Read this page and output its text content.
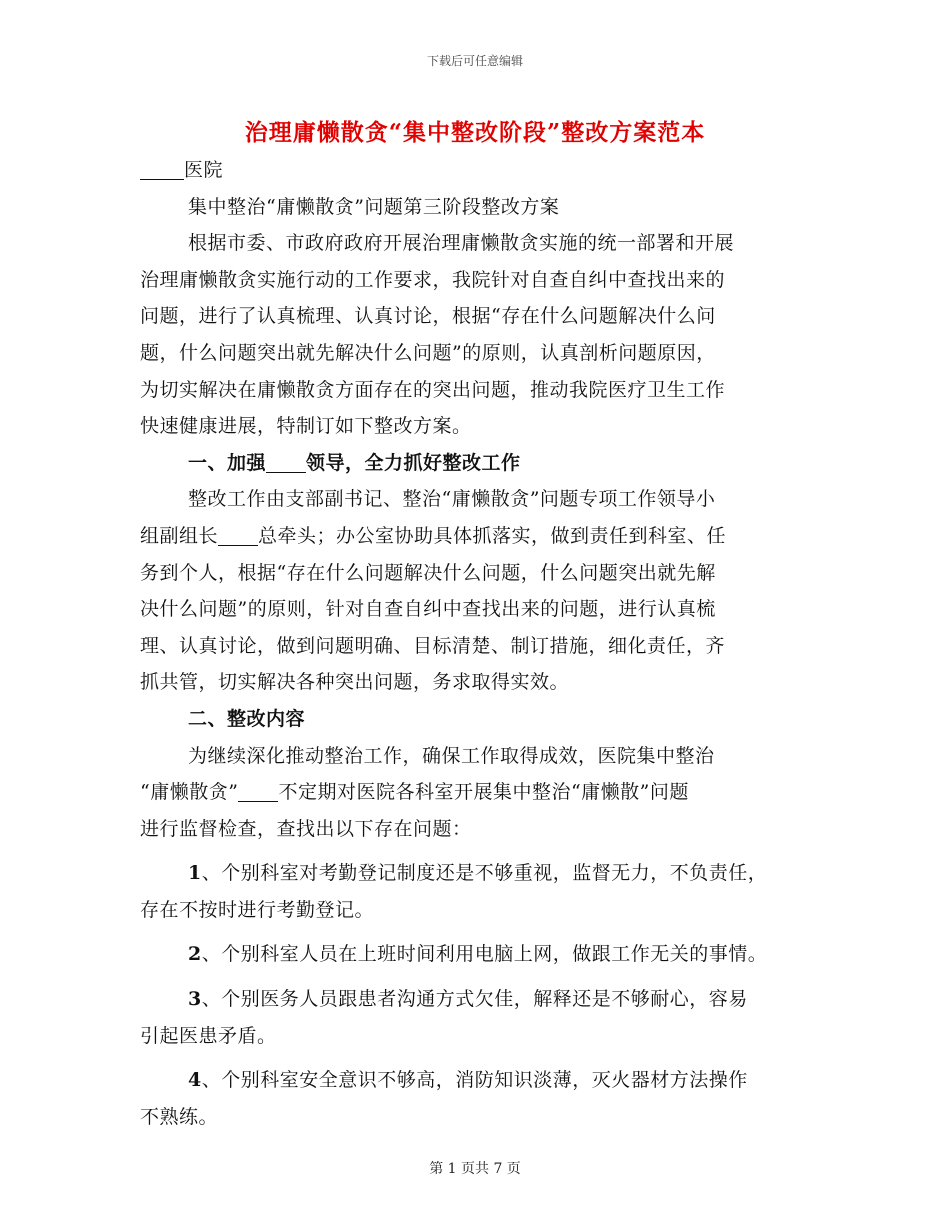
下载后可任意编辑
治理庸懒散贪“集中整改阶段”整改方案范本
医院
集中整治“庸懒散贪”问题第三阶段整改方案
根据市委、市政府政府开展治理庸懒散贪实施的统一部署和开展
治理庸懒散贪实施行动的工作要求，我院针对自查自纠中查找出来的
问题，进行了认真梳理、认真讨论，根据“存在什么问题解决什么问
题，什么问题突出就先解决什么问题”的原则，认真剖析问题原因，
为切实解决在庸懒散贪方面存在的突出问题，推动我院医疗卫生工作
快速健康进展，特制订如下整改方案。
一、加强 领导，全力抓好整改工作
整改工作由支部副书记、整治“庸懒散贪”问题专项工作领导小
组副组长 总牵头；办公室协助具体抓落实，做到责任到科室、任
务到个人，根据“存在什么问题解决什么问题，什么问题突出就先解
决什么问题”的原则，针对自查自纠中查找出来的问题，进行认真梳
理、认真讨论，做到问题明确、目标清楚、制订措施，细化责任，齐
抓共管，切实解决各种突出问题，务求取得实效。
二、整改内容
为继续深化推动整治工作，确保工作取得成效，医院集中整治
“庸懒散贪” 不定期对医院各科室开展集中整治“庸懒散”问题
进行监督检查，查找出以下存在问题：
1、个别科室对考勤登记制度还是不够重视，监督无力，不负责任，
存在不按时进行考勤登记。
2、个别科室人员在上班时间利用电脑上网，做跟工作无关的事情。
3、个别医务人员跟患者沟通方式欠佳，解释还是不够耐心，容易
引起医患矛盾。
4、个别科室安全意识不够高，消防知识淡薄，灭火器材方法操作
不熟练。
第 1 页共 7 页
